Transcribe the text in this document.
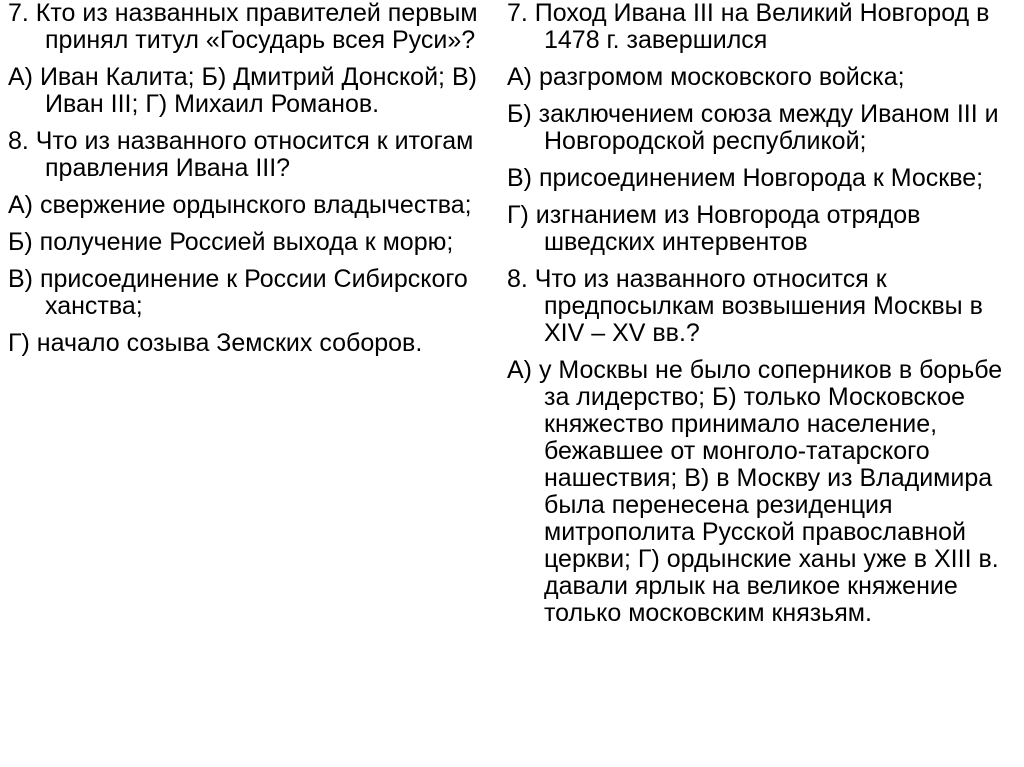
7. Кто из названных правителей первым принял титул «Государь всея Руси»?

А) Иван Калита; Б) Дмитрий Донской; В) Иван III; Г) Михаил Романов.

8. Что из названного относится к итогам правления Ивана III?

А) свержение ордынского владычества;

Б) получение Россией выхода к морю;

В) присоединение к России Сибирского ханства;

Г) начало созыва Земских соборов.

7. Поход Ивана III на Великий Новгород в 1478 г. завершился

А) разгромом московского войска;

Б) заключением союза между Иваном III и Новгородской республикой;

В) присоединением Новгорода к Москве;

Г) изгнанием из Новгорода отрядов шведских интервентов

8. Что из названного относится к предпосылкам возвышения Москвы в XIV – XV вв.?

А) у Москвы не было соперников в борьбе за лидерство; Б) только Московское княжество принимало население, бежавшее от монголо-татарского нашествия; В) в Москву из Владимира была перенесена резиденция митрополита Русской православной церкви; Г) ордынские ханы уже в XIII в. давали ярлык на великое княжение только московским князьям.
